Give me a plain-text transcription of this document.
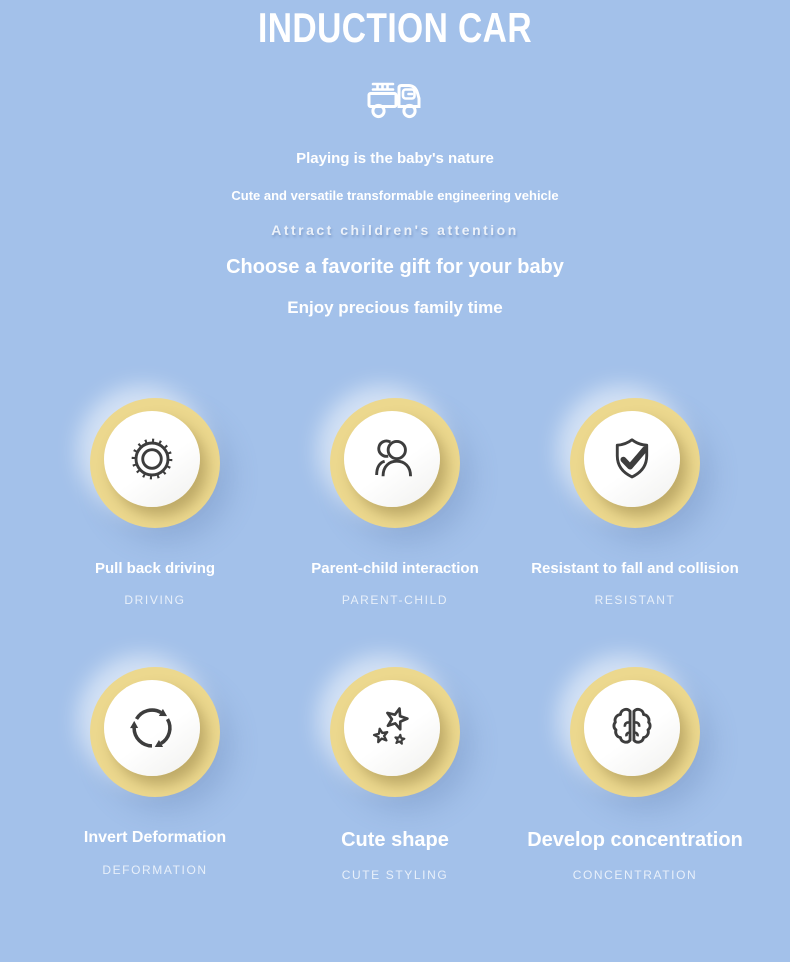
INDUCTION CAR
Playing is the baby's nature
Cute and versatile transformable engineering vehicle
Attract children's attention
Choose a favorite gift for your baby
Enjoy precious family time
Pull back driving
DRIVING
Parent-child interaction
PARENT-CHILD
Resistant to fall and collision
RESISTANT
Invert Deformation
DEFORMATION
Cute shape
CUTE STYLING
Develop concentration
CONCENTRATION
